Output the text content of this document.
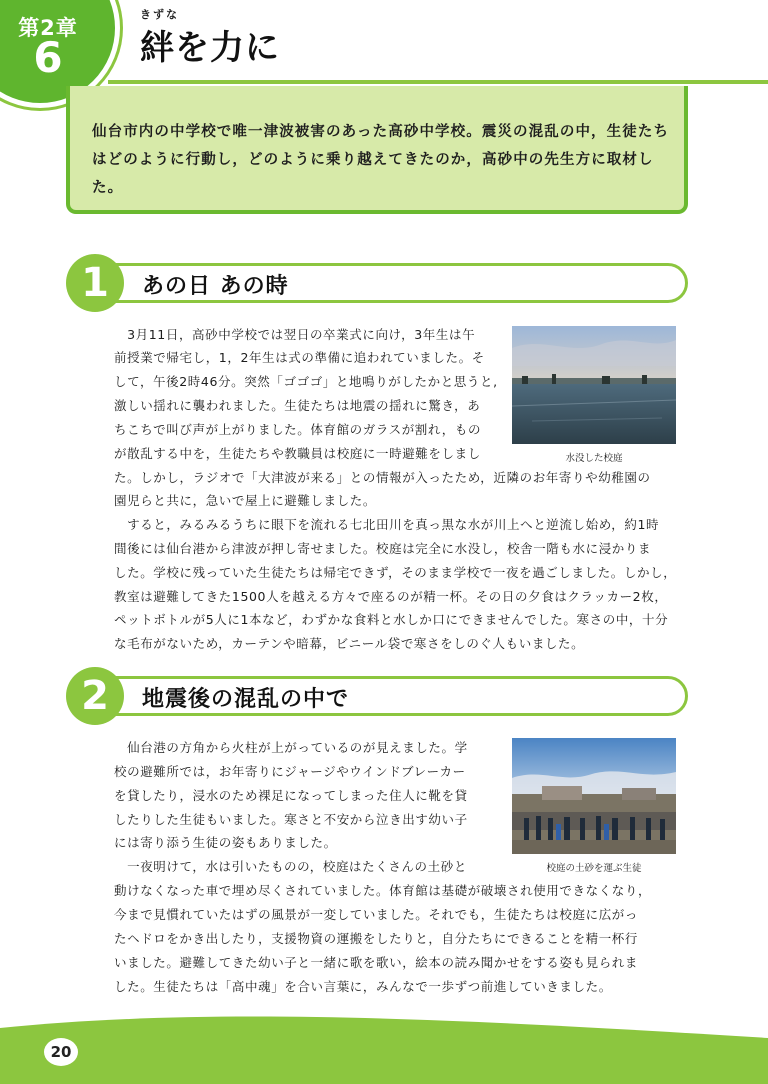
第2章
6
きずな
絆を力に

仙台市内の中学校で唯一津波被害のあった高砂中学校。震災の混乱の中，生徒たちはどのように行動し，どのように乗り越えてきたのか，高砂中の先生方に取材した。

1	あの日 あの時
水没した校庭

　3月11日，高砂中学校では翌日の卒業式に向け，3年生は午

前授業で帰宅し，1，2年生は式の準備に追われていました。そ

して，午後2時46分。突然「ゴゴゴ」と地鳴りがしたかと思うと,

激しい揺れに襲われました。生徒たちは地震の揺れに驚き，あ

ちこちで叫び声が上がりました。体育館のガラスが割れ，もの

が散乱する中を，生徒たちや教職員は校庭に一時避難をしまし

た。しかし，ラジオで「大津波が来る」との情報が入ったため，近隣のお年寄りや幼稚園の

園児らと共に，急いで屋上に避難しました。

　すると，みるみるうちに眼下を流れる七北田川を真っ黒な水が川上へと逆流し始め，約1時

間後には仙台港から津波が押し寄せました。校庭は完全に水没し，校舎一階も水に浸かりま

した。学校に残っていた生徒たちは帰宅できず，そのまま学校で一夜を過ごしました。しかし，

教室は避難してきた1500人を越える方々で座るのが精一杯。その日の夕食はクラッカー2枚，

ペットボトルが5人に1本など，わずかな食料と水しか口にできませんでした。寒さの中，十分

な毛布がないため，カーテンや暗幕，ビニール袋で寒さをしのぐ人もいました。

2	地震後の混乱の中で
校庭の土砂を運ぶ生徒

　仙台港の方角から火柱が上がっているのが見えました。学

校の避難所では，お年寄りにジャージやウインドブレーカー

を貸したり，浸水のため裸足になってしまった住人に靴を貸

したりした生徒もいました。寒さと不安から泣き出す幼い子

には寄り添う生徒の姿もありました。

　一夜明けて，水は引いたものの，校庭はたくさんの土砂と

動けなくなった車で埋め尽くされていました。体育館は基礎が破壊され使用できなくなり，

今まで見慣れていたはずの風景が一変していました。それでも，生徒たちは校庭に広がっ

たヘドロをかき出したり，支援物資の運搬をしたりと，自分たちにできることを精一杯行

いました。避難してきた幼い子と一緒に歌を歌い，絵本の読み聞かせをする姿も見られま

した。生徒たちは「高中魂」を合い言葉に，みんなで一歩ずつ前進していきました。

20
